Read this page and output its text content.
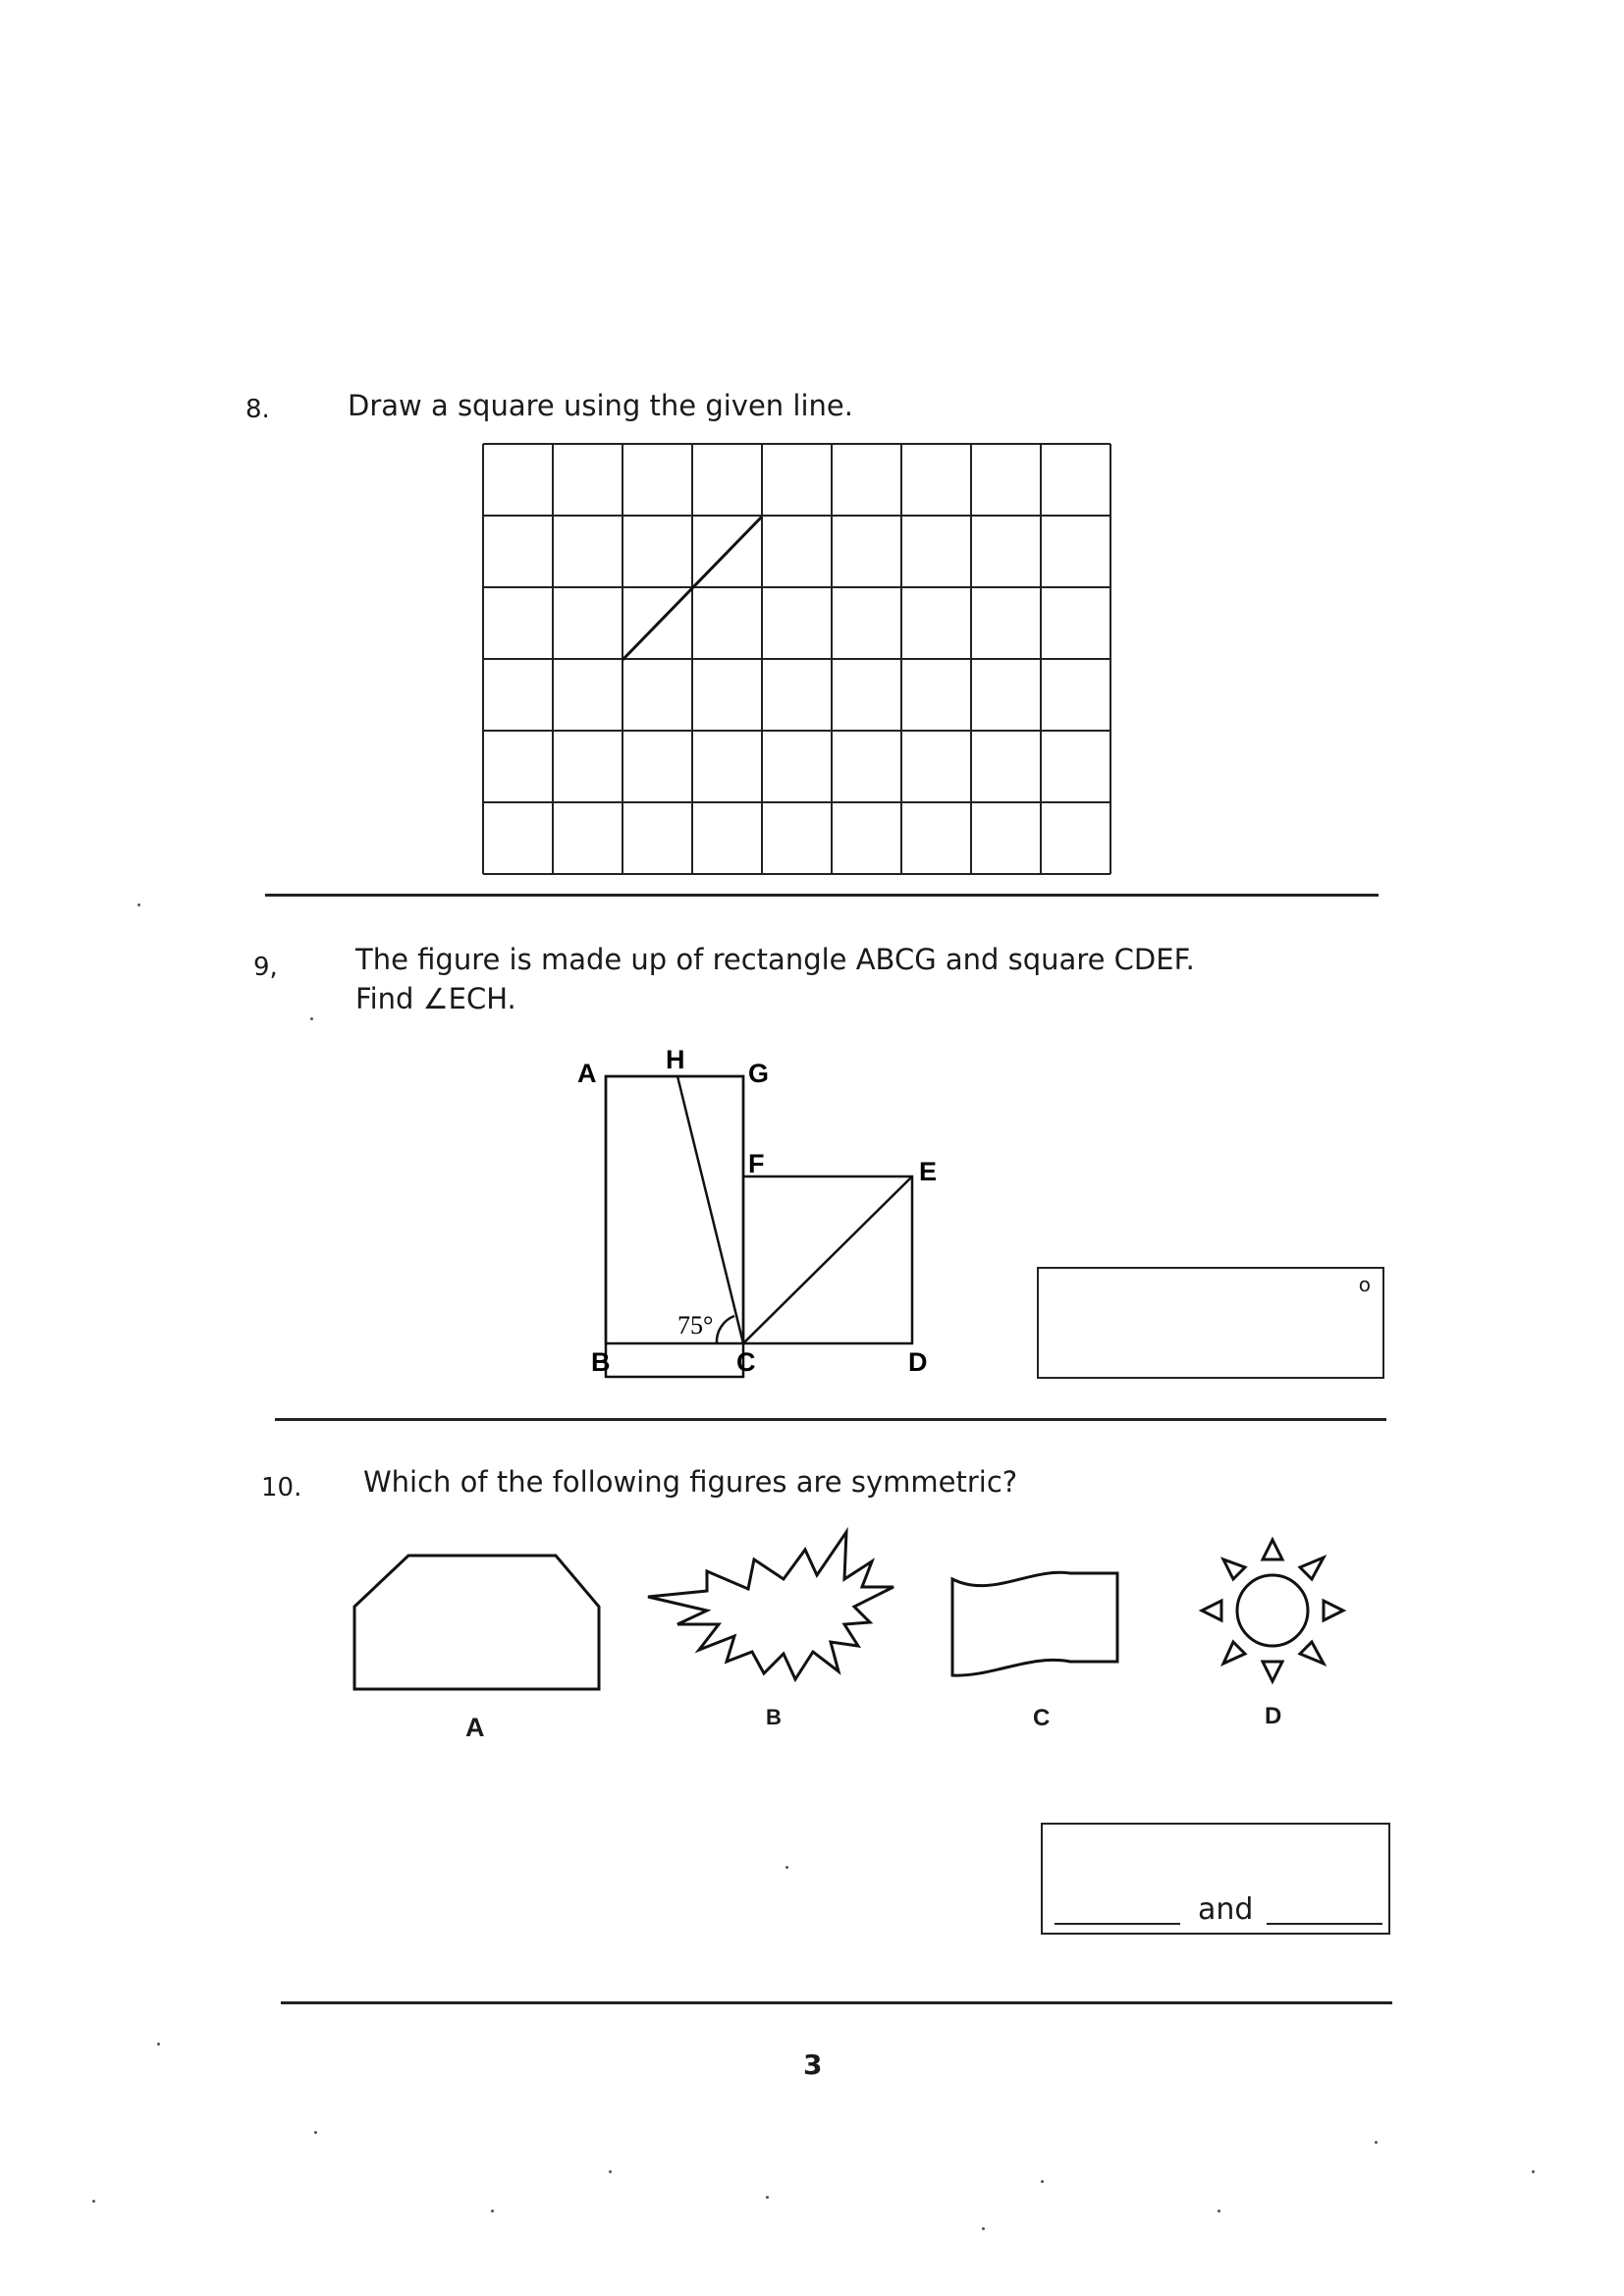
8.	Draw a square using the given line.
9,	The figure is made up of rectangle ABCG and square CDEF.
Find ∠ECH.
A	H G
F	E
B	C	D
75°
o
10. Which of the following figures are symmetric?
A	B	C	D
and
3
